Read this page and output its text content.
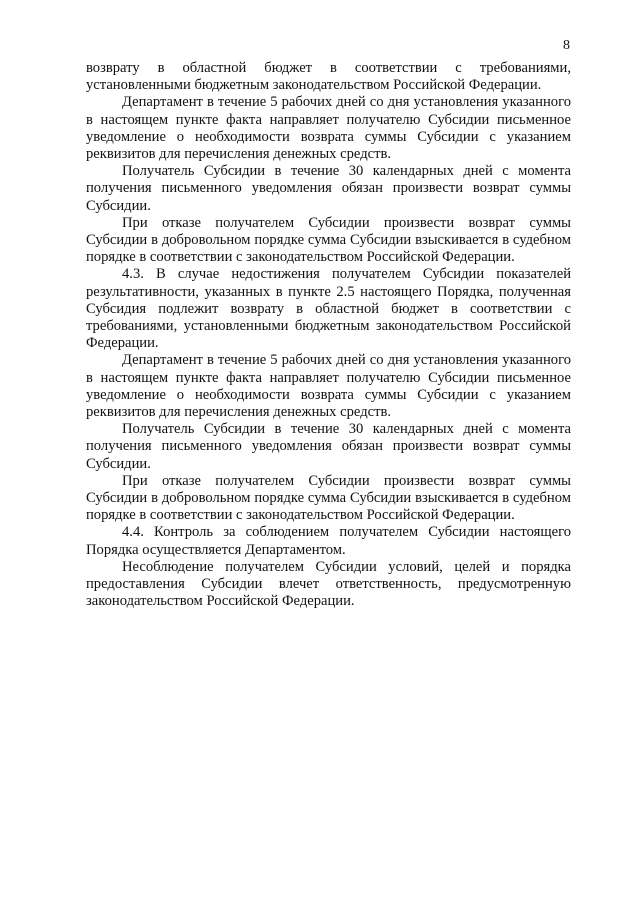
8

возврату в областной бюджет в соответствии с требованиями, установленными бюджетным законодательством Российской Федерации.

Департамент в течение 5 рабочих дней со дня установления указанного в настоящем пункте факта направляет получателю Субсидии письменное уведомление о необходимости возврата суммы Субсидии с указанием реквизитов для перечисления денежных средств.

Получатель Субсидии в течение 30 календарных дней с момента получения письменного уведомления обязан произвести возврат суммы Субсидии.

При отказе получателем Субсидии произвести возврат суммы Субсидии в добровольном порядке сумма Субсидии взыскивается в судебном порядке в соответствии с законодательством Российской Федерации.

4.3. В случае недостижения получателем Субсидии показателей результативности, указанных в пункте 2.5 настоящего Порядка, полученная Субсидия подлежит возврату в областной бюджет в соответствии с требованиями, установленными бюджетным законодательством Российской Федерации.

Департамент в течение 5 рабочих дней со дня установления указанного в настоящем пункте факта направляет получателю Субсидии письменное уведомление о необходимости возврата суммы Субсидии с указанием реквизитов для перечисления денежных средств.

Получатель Субсидии в течение 30 календарных дней с момента получения письменного уведомления обязан произвести возврат суммы Субсидии.

При отказе получателем Субсидии произвести возврат суммы Субсидии в добровольном порядке сумма Субсидии взыскивается в судебном порядке в соответствии с законодательством Российской Федерации.

4.4. Контроль за соблюдением получателем Субсидии настоящего Порядка осуществляется Департаментом.

Несоблюдение получателем Субсидии условий, целей и порядка предоставления Субсидии влечет ответственность, предусмотренную законодательством Российской Федерации.
